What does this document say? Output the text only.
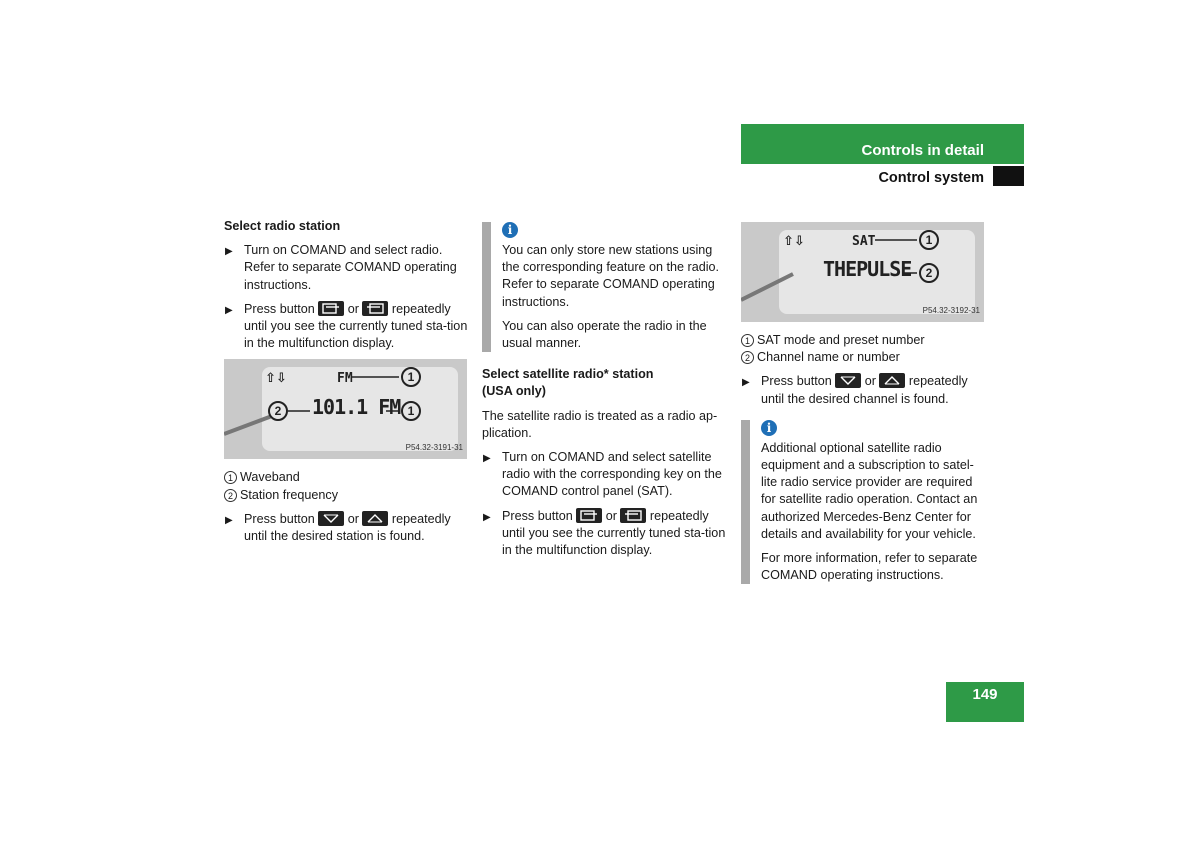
Controls in detail
Control system
Select radio station
▶ Turn on COMAND and select radio. Refer to separate COMAND operating instructions.
▶ Press button	or	repeatedly until you see the currently tuned sta-tion in the multifunction display.
⇧⇩	FM	1
2	101.1 FM 1
P54.32-3191-31
1 Waveband
2 Station frequency
▶ Press button	or	repeatedly until the desired station is found.
i
You can only store new stations using the corresponding feature on the radio. Refer to separate COMAND operating instructions.
You can also operate the radio in the usual manner.
Select satellite radio* station
(USA only)
The satellite radio is treated as a radio ap-plication.
▶ Turn on COMAND and select satellite radio with the corresponding key on the COMAND control panel (SAT).
▶ Press button	or	repeatedly until you see the currently tuned sta-tion in the multifunction display.
⇧⇩	SAT	1
THEPULSE	2
P54.32-3192-31
1 SAT mode and preset number
2 Channel name or number
▶ Press button	or	repeatedly until the desired channel is found.
i
Additional optional satellite radio equipment and a subscription to satel-lite radio service provider are required for satellite radio operation. Contact an authorized Mercedes-Benz Center for details and availability for your vehicle.
For more information, refer to separate COMAND operating instructions.
149
